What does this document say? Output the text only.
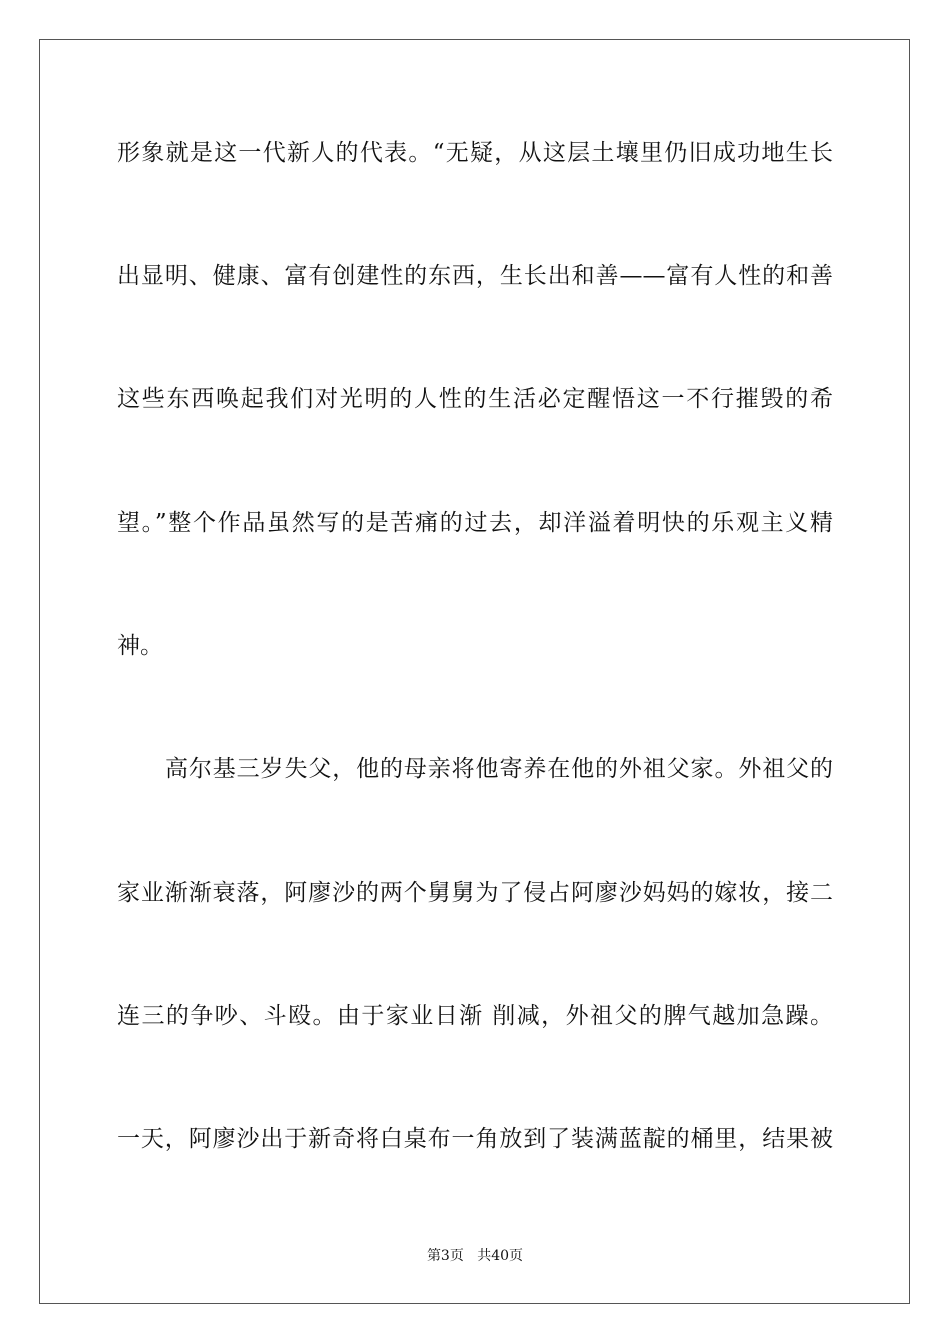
形象就是这一代新人的代表。“无疑，从这层土壤里仍旧成功地生长
出显明、健康、富有创建性的东西，生长出和善——富有人性的和善
这些东西唤起我们对光明的人性的生活必定醒悟这一不行摧毁的希
望。”整个作品虽然写的是苦痛的过去，却洋溢着明快的乐观主义精
神。
高尔基三岁失父，他的母亲将他寄养在他的外祖父家。外祖父的
家业渐渐衰落，阿廖沙的两个舅舅为了侵占阿廖沙妈妈的嫁妆，接二
连三的争吵、斗殴。由于家业日渐 削减，外祖父的脾气越加急躁。
一天，阿廖沙出于新奇将白桌布一角放到了装满蓝靛的桶里，结果被
第3页 共40页
